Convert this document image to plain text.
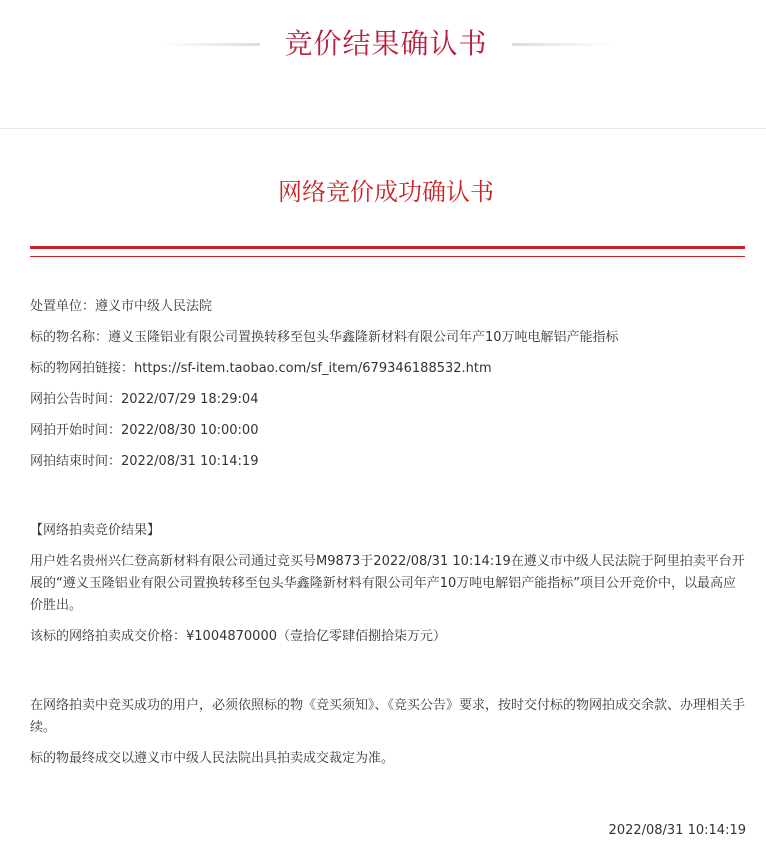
竞价结果确认书
网络竞价成功确认书

处置单位：遵义市中级人民法院

标的物名称：遵义玉隆铝业有限公司置换转移至包头华鑫隆新材料有限公司年产10万吨电解铝产能指标

标的物网拍链接：https://sf-item.taobao.com/sf_item/679346188532.htm

网拍公告时间：2022/07/29 18:29:04

网拍开始时间：2022/08/30 10:00:00

网拍结束时间：2022/08/31 10:14:19

【网络拍卖竞价结果】

用户姓名贵州兴仁登高新材料有限公司通过竞买号M9873于2022/08/31 10:14:19在遵义市中级人民法院于阿里拍卖平台开展的“遵义玉隆铝业有限公司置换转移至包头华鑫隆新材料有限公司年产10万吨电解铝产能指标”项目公开竞价中，以最高应价胜出。

该标的网络拍卖成交价格：¥1004870000（壹拾亿零肆佰捌拾柒万元）

在网络拍卖中竞买成功的用户，必须依照标的物《竞买须知》、《竞买公告》要求，按时交付标的物网拍成交余款、办理相关手续。

标的物最终成交以遵义市中级人民法院出具拍卖成交裁定为准。

2022/08/31 10:14:19
